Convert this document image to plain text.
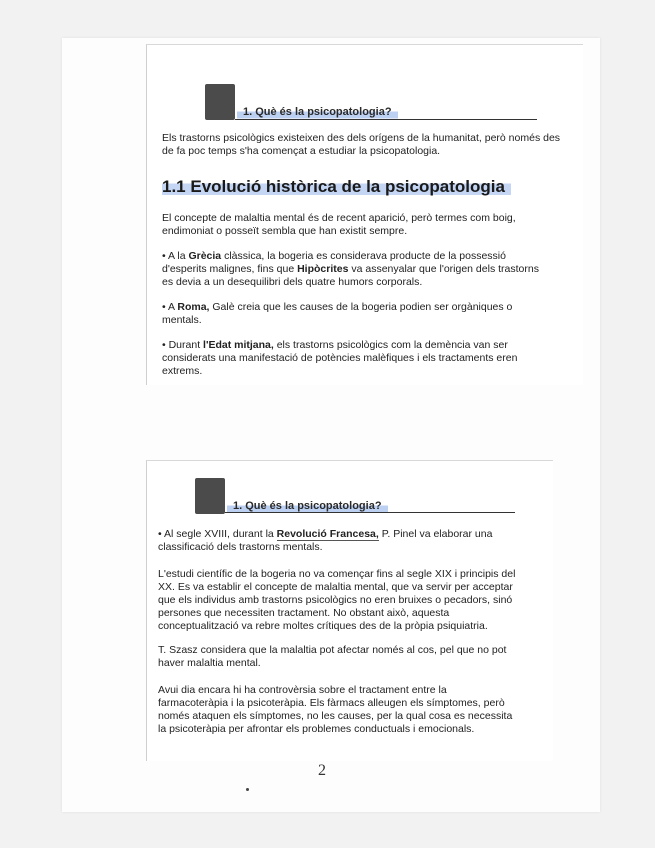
1. Què és la psicopatologia?
Els trastorns psicològics existeixen des dels orígens de la humanitat, però només des de fa poc temps s'ha començat a estudiar la psicopatologia.
1.1 Evolució històrica de la psicopatologia
El concepte de malaltia mental és de recent aparició, però termes com boig, endimoniat o posseït sembla que han existit sempre.
• A la Grècia clàssica, la bogeria es considerava producte de la possessió d'esperits malignes, fins que Hipòcrites va assenyalar que l'origen dels trastorns es devia a un desequilibri dels quatre humors corporals.
• A Roma, Galè creia que les causes de la bogeria podien ser orgàniques o mentals.
• Durant l'Edat mitjana, els trastorns psicològics com la demència van ser considerats una manifestació de potències malèfiques i els tractaments eren extrems.
1. Què és la psicopatologia?
• Al segle XVIII, durant la Revolució Francesa, P. Pinel va elaborar una classificació dels trastorns mentals.
L'estudi científic de la bogeria no va començar fins al segle XIX i principis del XX. Es va establir el concepte de malaltia mental, que va servir per acceptar que els individus amb trastorns psicològics no eren bruixes o pecadors, sinó persones que necessiten tractament. No obstant això, aquesta conceptualització va rebre moltes crítiques des de la pròpia psiquiatria.
T. Szasz considera que la malaltia pot afectar només al cos, pel que no pot haver malaltia mental.
Avui dia encara hi ha controvèrsia sobre el tractament entre la farmacoteràpia i la psicoteràpia. Els fàrmacs alleugen els símptomes, però només ataquen els símptomes, no les causes, per la qual cosa es necessita la psicoteràpia per afrontar els problemes conductuals i emocionals.
2
